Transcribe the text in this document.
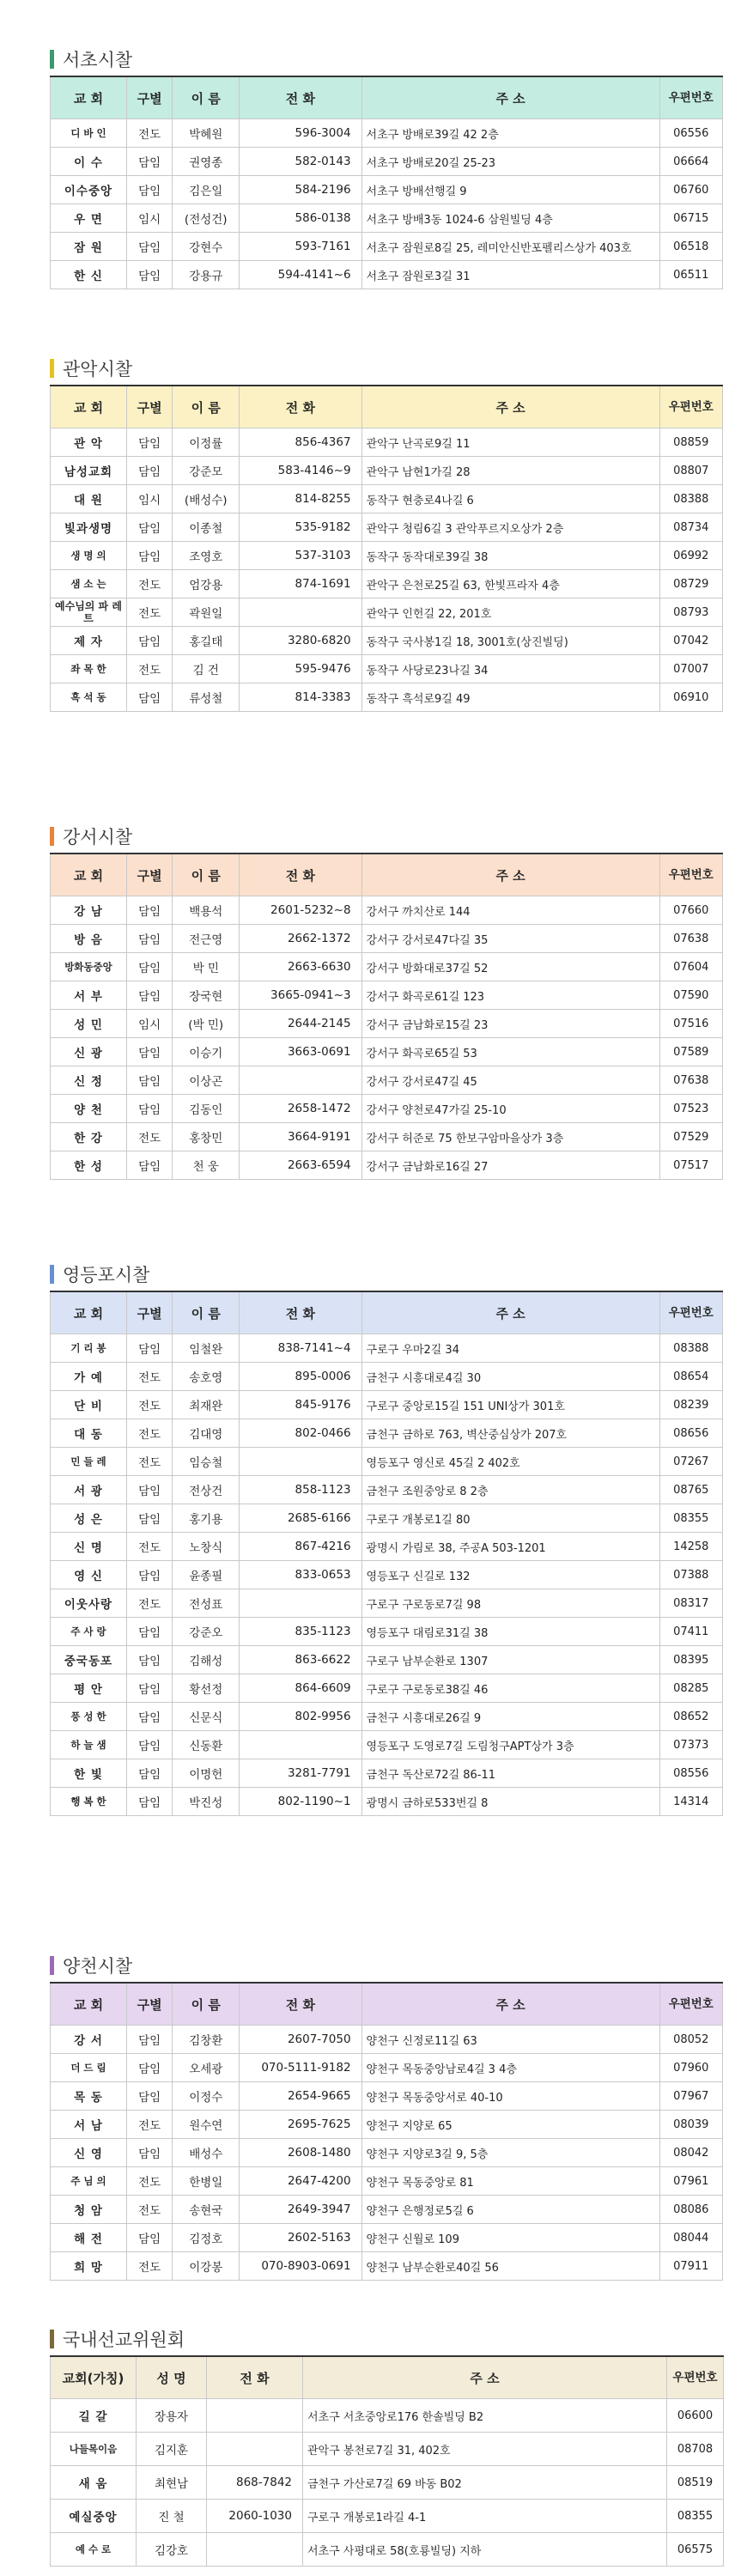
서초시찰
교 회	구별	이 름	전 화	주 소	우편번호
디 바 인	전도	박혜원	596-3004	서초구 방배로39길 42 2층	06556
이 수	담임	권영종	582-0143	서초구 방배로20길 25-23	06664
이수중앙	담임	김은일	584-2196	서초구 방배선행길 9	06760
우 면	임시	(전성건)	586-0138	서초구 방배3동 1024-6 삼원빌딩 4층	06715
잠 원	담임	강현수	593-7161	서초구 잠원로8길 25, 레미안신반포펠리스상가 403호	06518
한 신	담임	강용규	594-4141~6	서초구 잠원로3길 31	06511
관악시찰
교 회	구별	이 름	전 화	주 소	우편번호
관 악	담임	이정률	856-4367	관악구 난곡로9길 11	08859
남성교회	담임	강준모	583-4146~9	관악구 남현1가길 28	08807
대 원	임시	(배성수)	814-8255	동작구 현충로4나길 6	08388
빛과생명	담임	이종철	535-9182	관악구 청림6길 3 관악푸르지오상가 2층	08734
생 명 의	담임	조영호	537-3103	동작구 동작대로39길 38	06992
샘 소 는	전도	엄강용	874-1691	관악구 은천로25길 63, 한빛프라자 4층	08729
예수님의 파 레 트	전도	곽원일		관악구 인헌길 22, 201호	08793
제 자	담임	홍길태	3280-6820	동작구 국사봉1길 18, 3001호(상진빌딩)	07042
좌 목 한	전도	김 건	595-9476	동작구 사당로23나길 34	07007
흑 석 동	담임	류성철	814-3383	동작구 흑석로9길 49	06910
강서시찰
교 회	구별	이 름	전 화	주 소	우편번호
강 남	담임	백용석	2601-5232~8	강서구 까치산로 144	07660
방 음	담임	전근영	2662-1372	강서구 강서로47다길 35	07638
방화동중앙	담임	박 민	2663-6630	강서구 방화대로37길 52	07604
서 부	담임	장국현	3665-0941~3	강서구 화곡로61길 123	07590
성 민	임시	(박 민)	2644-2145	강서구 금남화로15길 23	07516
신 광	담임	이승기	3663-0691	강서구 화곡로65길 53	07589
신 정	담임	이상곤		강서구 강서로47길 45	07638
양 천	담임	김동인	2658-1472	강서구 양천로47가길 25-10	07523
한 강	전도	홍창민	3664-9191	강서구 허준로 75 한보구암마을상가 3층	07529
한 성	담임	천 웅	2663-6594	강서구 금남화로16길 27	07517
영등포시찰
교 회	구별	이 름	전 화	주 소	우편번호
기 리 봉	담임	임철완	838-7141~4	구로구 우마2길 34	08388
가 예	전도	송호영	895-0006	금천구 시흥대로4길 30	08654
단 비	전도	최재완	845-9176	구로구 중앙로15길 151 UNI상가 301호	08239
대 동	전도	김대영	802-0466	금천구 금하로 763, 벽산중심상가 207호	08656
민 들 레	전도	임승철		영등포구 영신로 45길 2 402호	07267
서 광	담임	전상건	858-1123	금천구 조원중앙로 8 2층	08765
성 은	담임	홍기용	2685-6166	구로구 개봉로1길 80	08355
신 명	전도	노창식	867-4216	광명시 가림로 38, 주공A 503-1201	14258
영 신	담임	윤종필	833-0653	영등포구 신길로 132	07388
이웃사랑	전도	전성표		구로구 구로동로7길 98	08317
주 사 랑	담임	강준오	835-1123	영등포구 대림로31길 38	07411
중국동포	담임	김해성	863-6622	구로구 남부순환로 1307	08395
평 안	담임	황선정	864-6609	구로구 구로동로38길 46	08285
풍 성 한	담임	신문식	802-9956	금천구 시흥대로26길 9	08652
하 늘 샘	담임	신동환		영등포구 도영로7길 도림청구APT상가 3층	07373
한 빛	담임	이명헌	3281-7791	금천구 독산로72길 86-11	08556
행 복 한	담임	박진성	802-1190~1	광명시 금하로533번길 8	14314
양천시찰
교 회	구별	이 름	전 화	주 소	우편번호
강 서	담임	김창환	2607-7050	양천구 신정로11길 63	08052
더 드 림	담임	오세광	070-5111-9182	양천구 목동중앙남로4길 3 4층	07960
목 동	담임	이정수	2654-9665	양천구 목동중앙서로 40-10	07967
서 남	전도	원수연	2695-7625	양천구 지양로 65	08039
신 영	담임	배성수	2608-1480	양천구 지양로3길 9, 5층	08042
주 님 의	전도	한병일	2647-4200	양천구 목동중앙로 81	07961
청 암	전도	송현국	2649-3947	양천구 은행정로5길 6	08086
해 전	담임	김정호	2602-5163	양천구 신월로 109	08044
희 망	전도	이강봉	070-8903-0691	양천구 남부순환로40길 56	07911
국내선교위원회
교회(가칭)	성 명	전 화	주 소	우편번호
길 갈	장용자		서초구 서초중앙로176 한솔빌딩 B2	06600
나들목이음	김지훈		관악구 봉천로7길 31, 402호	08708
새 움	최현남	868-7842	금천구 가산로7길 69 바동 B02	08519
예실중앙	진 철	2060-1030	구로구 개봉로1라길 4-1	08355
예 수 로	김강호		서초구 사평대로 58(호룡빌딩) 지하	06575
